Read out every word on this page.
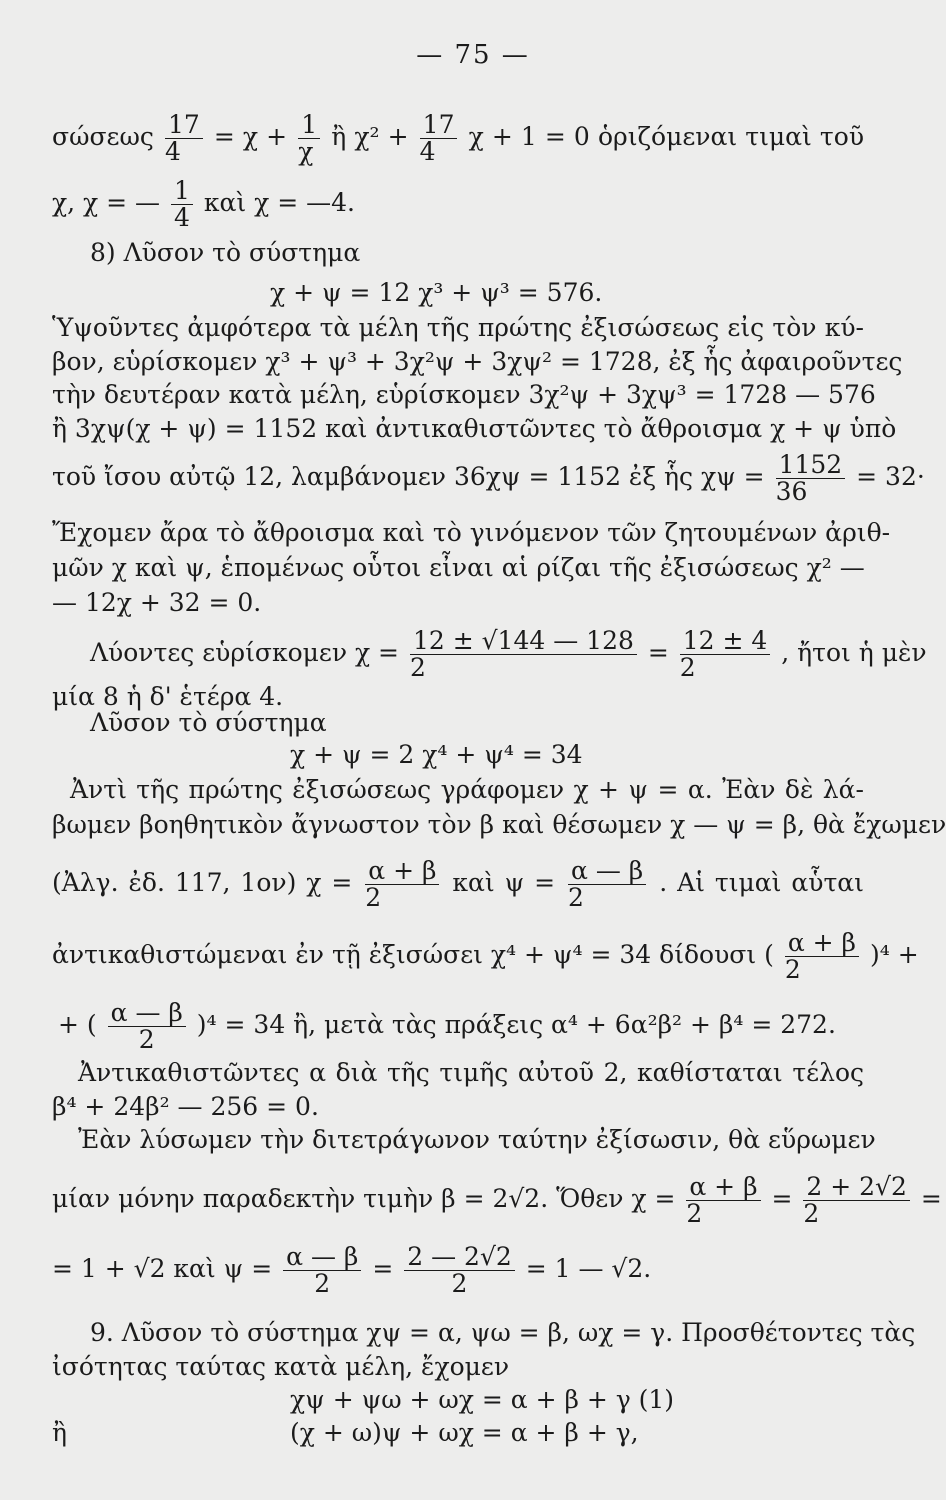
— 75 —
σώσεως $\frac{17}{4} = \chi + \frac{1}{\chi}$ ἢ $\chi^2 + \frac{17}{4}$ χ + 1 = 0 ὁριζόμεναι τιμαὶ τοῦ
χ, χ = — $\frac{1}{4}$ καὶ χ = —4.
8) Λῦσον τὸ σύστημα
χ + ψ = 12 χ³ + ψ³ = 576.
Ὑψοῦντες ἀμφότερα τὰ μέλη τῆς πρώτης ἐξισώσεως εἰς τὸν κύ-
βον, εὑρίσκομεν χ³ + ψ³ + 3χ²ψ + 3χψ² = 1728, ἐξ ἧς ἀφαιροῦντες
τὴν δευτέραν κατὰ μέλη, εὑρίσκομεν 3χ²ψ + 3χψ³ = 1728 — 576
ἢ 3χψ(χ + ψ) = 1152 καὶ ἀντικαθιστῶντες τὸ ἄθροισμα χ + ψ ὑπὸ
τοῦ ἴσου αὐτῷ 12, λαμβάνομεν 36χψ = 1152 ἐξ ἧς $\chi\psi = \frac{1152}{36} = 32\cdot$
Ἔχομεν ἄρα τὸ ἄθροισμα καὶ τὸ γινόμενον τῶν ζητουμένων ἀριθ-
μῶν χ καὶ ψ, ἑπομένως οὗτοι εἶναι αἱ ρίζαι τῆς ἐξισώσεως χ² —
— 12χ + 32 = 0.
Λύοντες εὑρίσκομεν $\chi = \frac{12 \pm √144 — 128}{2} = \frac{12 \pm 4}{2}$ , ἤτοι ἡ μὲν
μία 8 ἡ δ' ἑτέρα 4.
Λῦσον τὸ σύστημα
χ + ψ = 2 χ⁴ + ψ⁴ = 34
Ἀντὶ τῆς πρώτης ἐξισώσεως γράφομεν χ + ψ = α. Ἐὰν δὲ λά-
βωμεν βοηθητικὸν ἄγνωστον τὸν β καὶ θέσωμεν χ — ψ = β, θὰ ἔχωμεν
(Ἀλγ. ἐδ. 117, 1ον) $\chi = \frac{\alpha + \beta}{2}$ καὶ $\psi = \frac{\alpha — \beta}{2}$ . Αἱ τιμαὶ αὗται
ἀντικαθιστώμεναι ἐν τῇ ἐξισώσει χ⁴ + ψ⁴ = 34 δίδουσι ( $\frac{\alpha + \beta}{2} )^4$ +
+ ( $\frac{\alpha — \beta}{2} )^4 = 34$ ἢ, μετὰ τὰς πράξεις α⁴ + 6α²β² + β⁴ = 272.
Ἀντικαθιστῶντες α διὰ τῆς τιμῆς αὐτοῦ 2, καθίσταται τέλος
β⁴ + 24β² — 256 = 0.
Ἐὰν λύσωμεν τὴν διτετράγωνον ταύτην ἐξίσωσιν, θὰ εὕρωμεν
μίαν μόνην παραδεκτὴν τιμὴν β = 2√2. Ὅθεν $\chi = \frac{\alpha + \beta}{2} = \frac{2 + 2√2}{2}$ =
= 1 + √2 καὶ $\psi = \frac{\alpha — \beta}{2} = \frac{2 — 2√2}{2} = 1$ — √2.
9. Λῦσον τὸ σύστημα χψ = α, ψω = β, ωχ = γ. Προσθέτοντες τὰς
ἰσότητας ταύτας κατὰ μέλη, ἔχομεν
χψ + ψω + ωχ = α + β + γ (1)
ἢ	(χ + ω)ψ + ωχ = α + β + γ,
